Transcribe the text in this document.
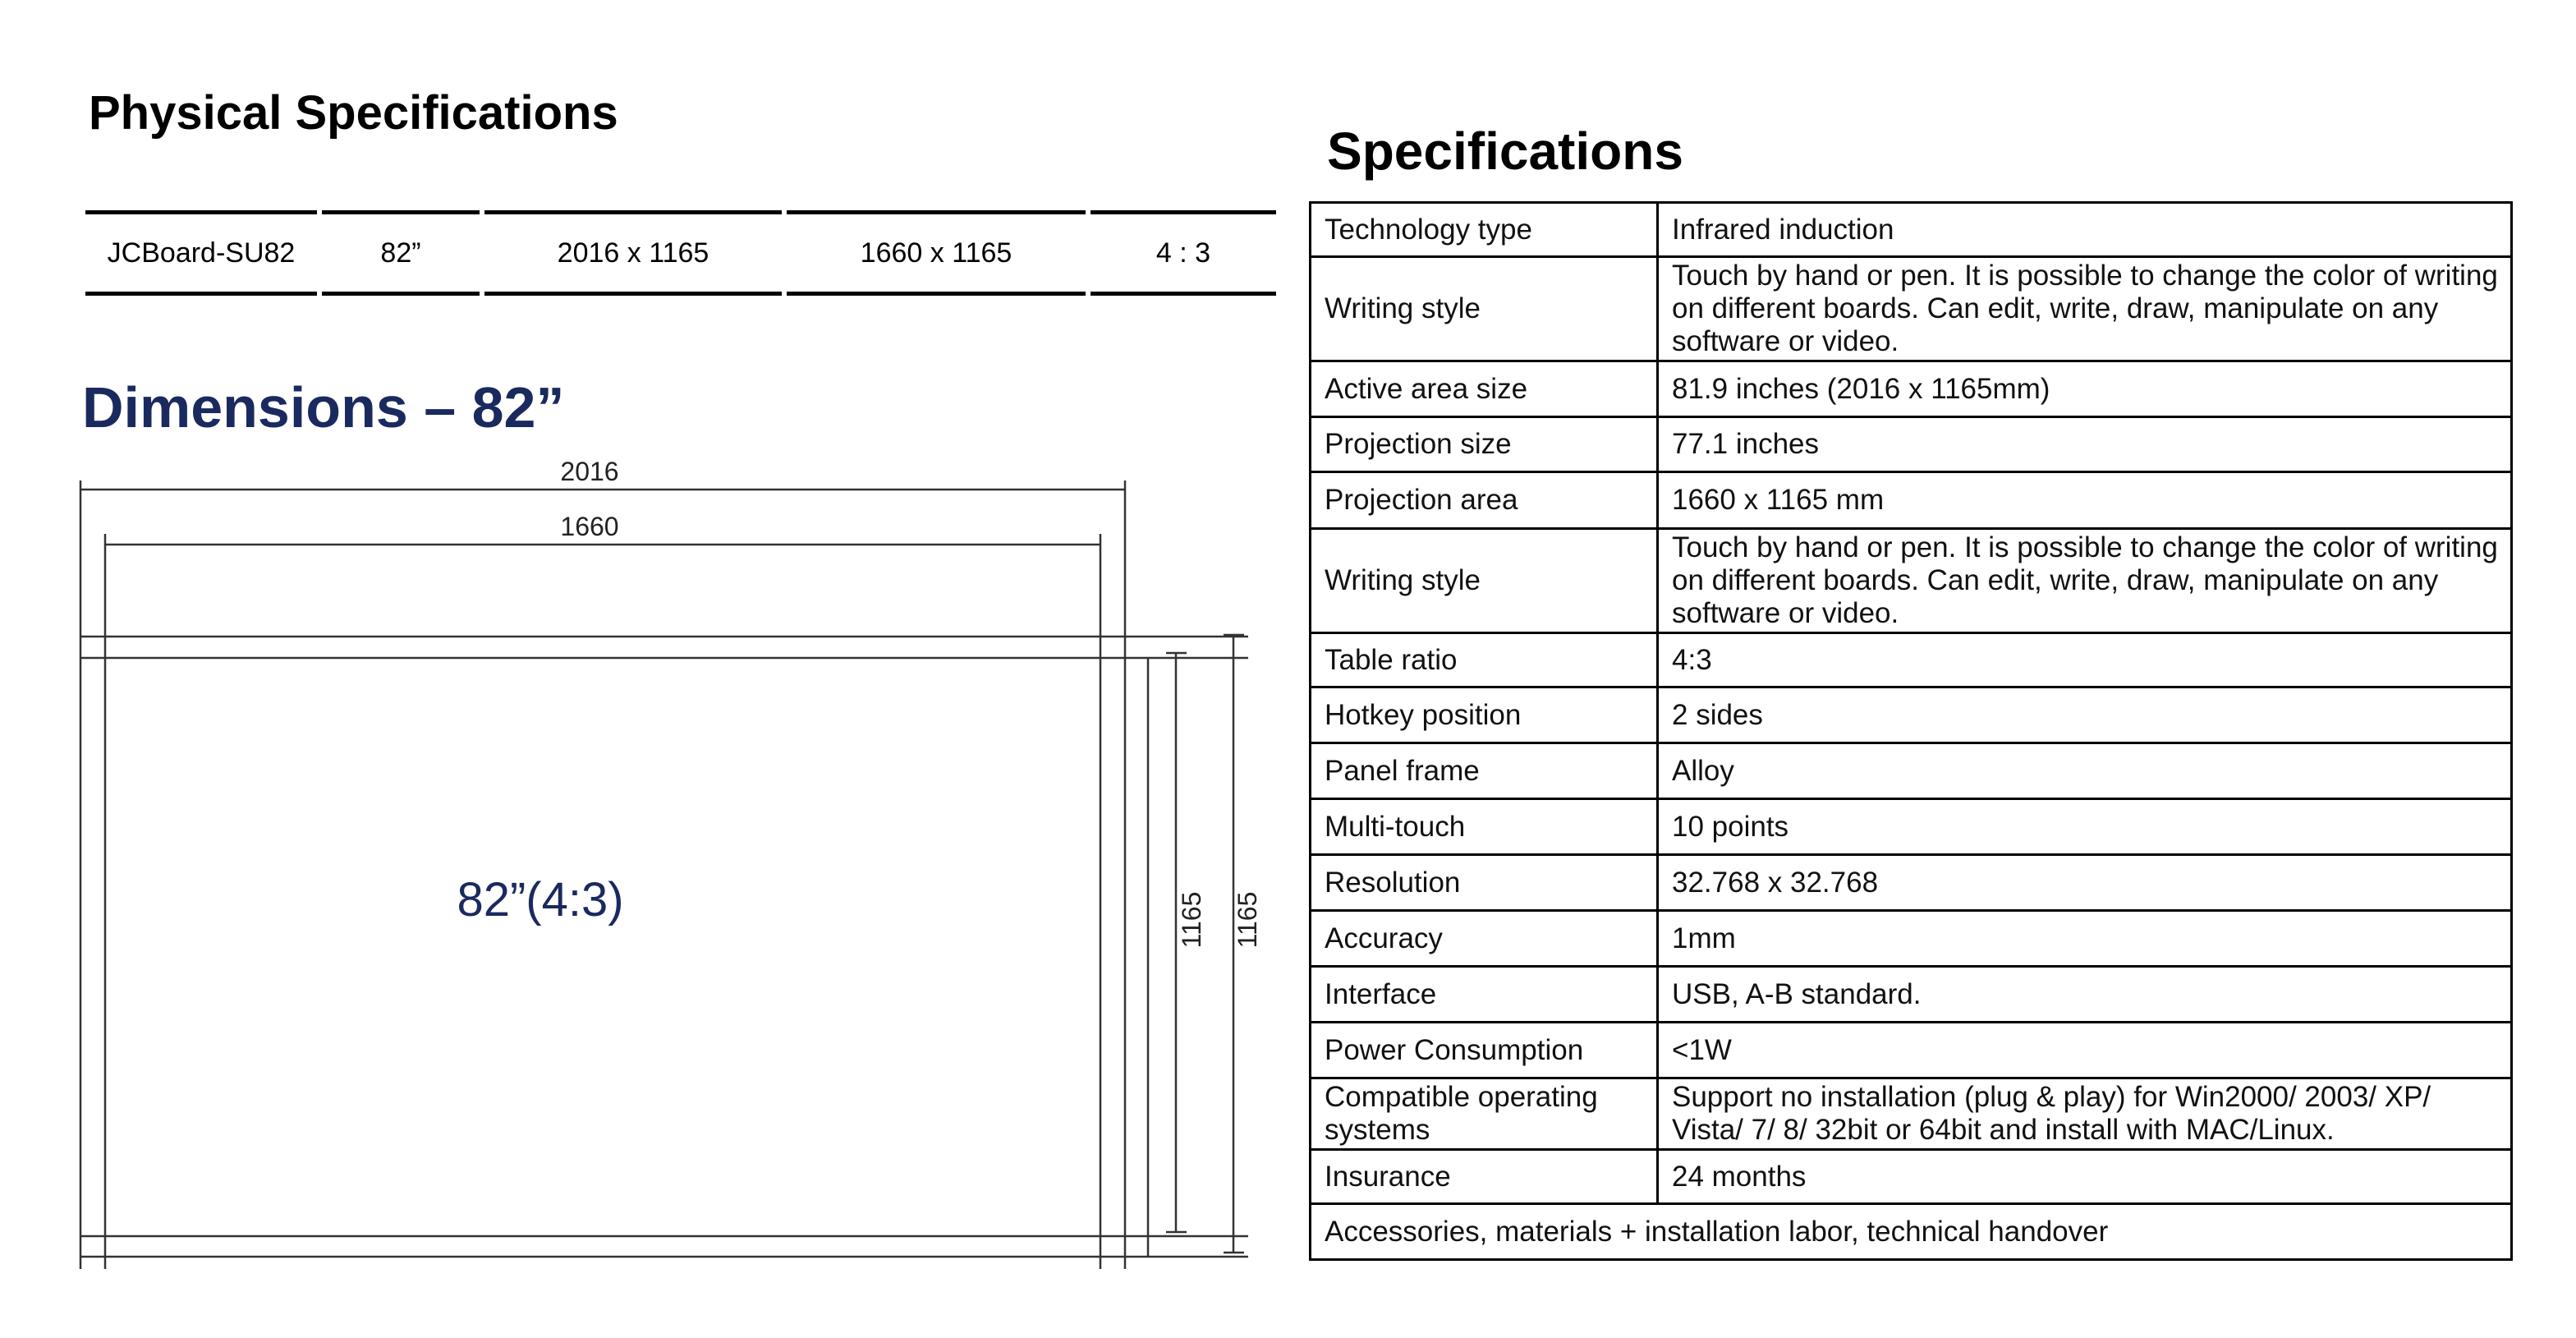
Physical Specifications
JCBoard-SU82	82”	2016 x 1165	1660 x 1165	4 : 3
Dimensions – 82”
2016
1660
1165 1165
82”(4:3)
Specifications
Technology type	Infrared induction
Writing style	Touch by hand or pen. It is possible to change the color of writing on different boards. Can edit, write, draw, manipulate on any software or video.
Active area size	81.9 inches (2016 x 1165mm)
Projection size	77.1 inches
Projection area	1660 x 1165 mm
Writing style	Touch by hand or pen. It is possible to change the color of writing on different boards. Can edit, write, draw, manipulate on any software or video.
Table ratio	4:3
Hotkey position	2 sides
Panel frame	Alloy
Multi-touch	10 points
Resolution	32.768 x 32.768
Accuracy	1mm
Interface	USB, A-B standard.
Power Consumption	<1W
Compatible operating systems	Support no installation (plug & play) for Win2000/ 2003/ XP/ Vista/ 7/ 8/ 32bit or 64bit and install with MAC/Linux.
Insurance	24 months
Accessories, materials + installation labor, technical handover	
